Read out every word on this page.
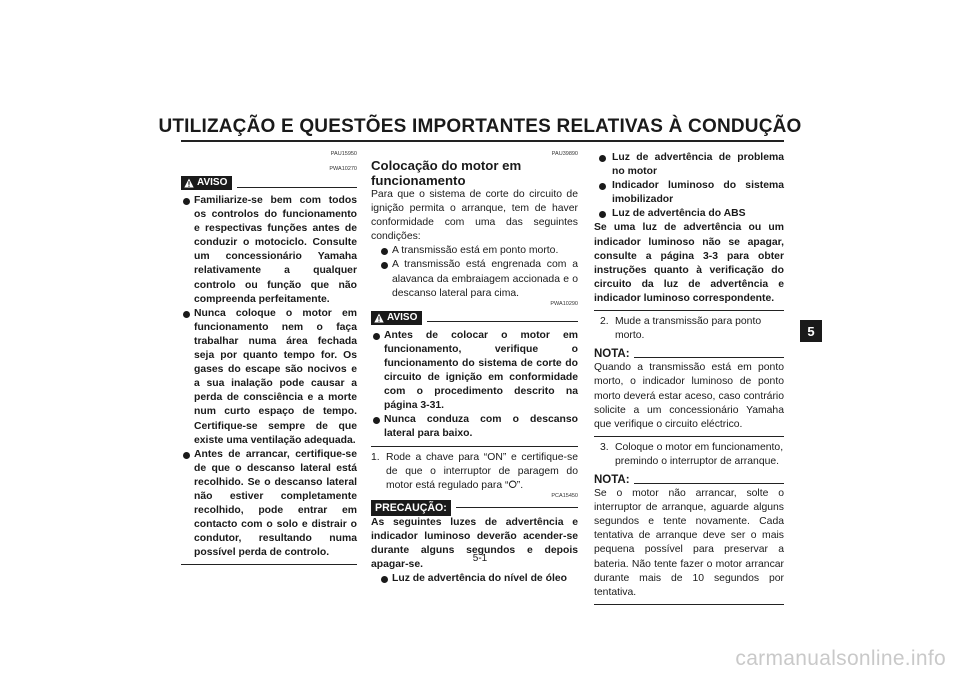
UTILIZAÇÃO E QUESTÕES IMPORTANTES RELATIVAS À CONDUÇÃO
PAU15950
PWA10270
AVISO
Familiarize-se bem com todos os controlos do funcionamento e respectivas funções antes de conduzir o motociclo. Consulte um concessionário Yamaha relativamente a qualquer controlo ou função que não compreenda perfeitamente.
Nunca coloque o motor em funcionamento nem o faça trabalhar numa área fechada seja por quanto tempo for. Os gases do escape são nocivos e a sua inalação pode causar a perda de consciência e a morte num curto espaço de tempo. Certifique-se sempre de que existe uma ventilação adequada.
Antes de arrancar, certifique-se de que o descanso lateral está recolhido. Se o descanso lateral não estiver completamente recolhido, pode entrar em contacto com o solo e distrair o condutor, resultando numa possível perda de controlo.
PAU39890
Colocação do motor em funcionamento
Para que o sistema de corte do circuito de ignição permita o arranque, tem de haver conformidade com uma das seguintes condições:
A transmissão está em ponto morto.
A transmissão está engrenada com a alavanca da embraiagem accionada e o descanso lateral para cima.
PWA10290
AVISO
Antes de colocar o motor em funcionamento, verifique o funcionamento do sistema de corte do circuito de ignição em conformidade com o procedimento descrito na página 3-31.
Nunca conduza com o descanso lateral para baixo.
1. Rode a chave para “ON” e certifique-se de que o interruptor de paragem do motor está regulado para “⭘”.
PCA15450
PRECAUÇÃO:
As seguintes luzes de advertência e indicador luminoso deverão acender-se durante alguns segundos e depois apagar-se.
Luz de advertência do nível de óleo
Luz de advertência de problema no motor
Indicador luminoso do sistema imobilizador
Luz de advertência do ABS
Se uma luz de advertência ou um indicador luminoso não se apagar, consulte a página 3-3 para obter instruções quanto à verificação do circuito da luz de advertência e indicador luminoso correspondente.
2. Mude a transmissão para ponto morto.
NOTA:
Quando a transmissão está em ponto morto, o indicador luminoso de ponto morto deverá estar aceso, caso contrário solicite a um concessionário Yamaha que verifique o circuito eléctrico.
3. Coloque o motor em funcionamento, premindo o interruptor de arranque.
NOTA:
Se o motor não arrancar, solte o interruptor de arranque, aguarde alguns segundos e tente novamente. Cada tentativa de arranque deve ser o mais pequena possível para preservar a bateria. Não tente fazer o motor arrancar durante mais de 10 segundos por tentativa.
5
5-1
carmanualsonline.info
